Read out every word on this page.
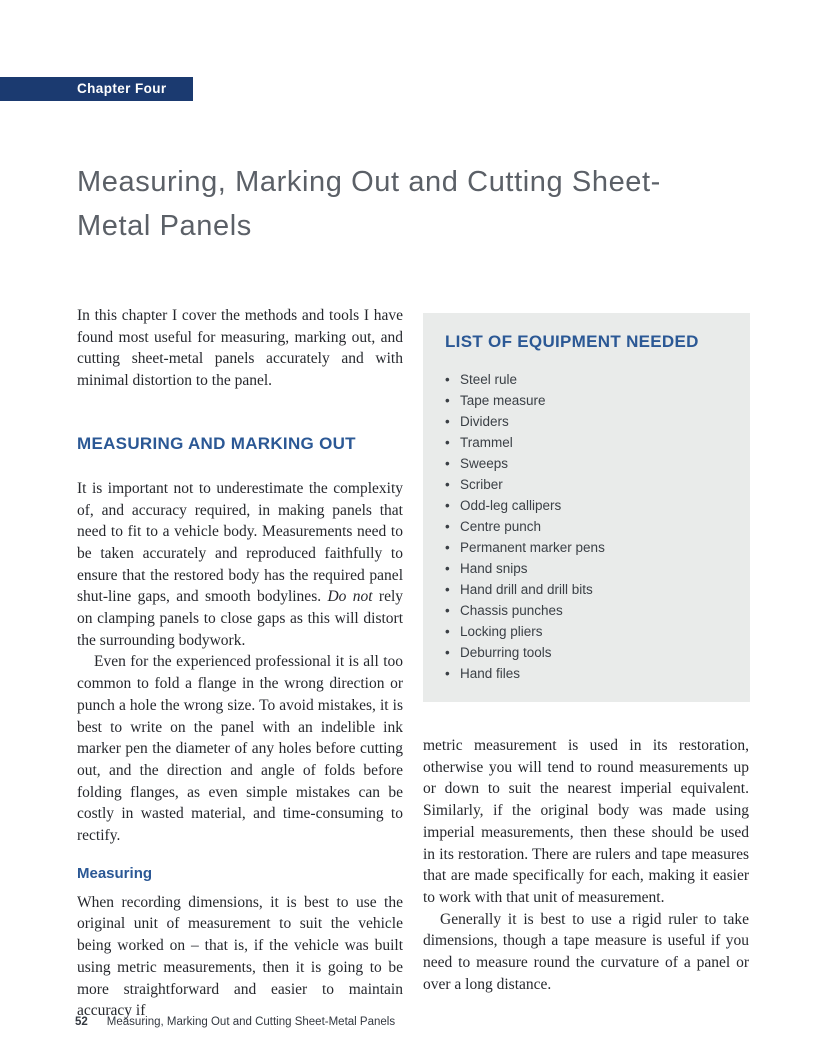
Chapter Four
Measuring, Marking Out and Cutting Sheet-Metal Panels

In this chapter I cover the methods and tools I have found most useful for measuring, marking out, and cutting sheet-metal panels accurately and with minimal distortion to the panel.

MEASURING AND MARKING OUT

It is important not to underestimate the complexity of, and accuracy required, in making panels that need to fit to a vehicle body. Measurements need to be taken accurately and reproduced faithfully to ensure that the restored body has the required panel shut-line gaps, and smooth bodylines. Do not rely on clamping panels to close gaps as this will distort the surrounding bodywork.

Even for the experienced professional it is all too common to fold a flange in the wrong direction or punch a hole the wrong size. To avoid mistakes, it is best to write on the panel with an indelible ink marker pen the diameter of any holes before cutting out, and the direction and angle of folds before folding flanges, as even simple mistakes can be costly in wasted material, and time-consuming to rectify.

Measuring

When recording dimensions, it is best to use the original unit of measurement to suit the vehicle being worked on – that is, if the vehicle was built using metric measurements, then it is going to be more straightforward and easier to maintain accuracy if

LIST OF EQUIPMENT NEEDED
• Steel rule
• Tape measure
• Dividers
• Trammel
• Sweeps
• Scriber
• Odd-leg callipers
• Centre punch
• Permanent marker pens
• Hand snips
• Hand drill and drill bits
• Chassis punches
• Locking pliers
• Deburring tools
• Hand files

metric measurement is used in its restoration, otherwise you will tend to round measurements up or down to suit the nearest imperial equivalent. Similarly, if the original body was made using imperial measurements, then these should be used in its restoration. There are rulers and tape measures that are made specifically for each, making it easier to work with that unit of measurement.

Generally it is best to use a rigid ruler to take dimensions, though a tape measure is useful if you need to measure round the curvature of a panel or over a long distance.

52 Measuring, Marking Out and Cutting Sheet-Metal Panels
